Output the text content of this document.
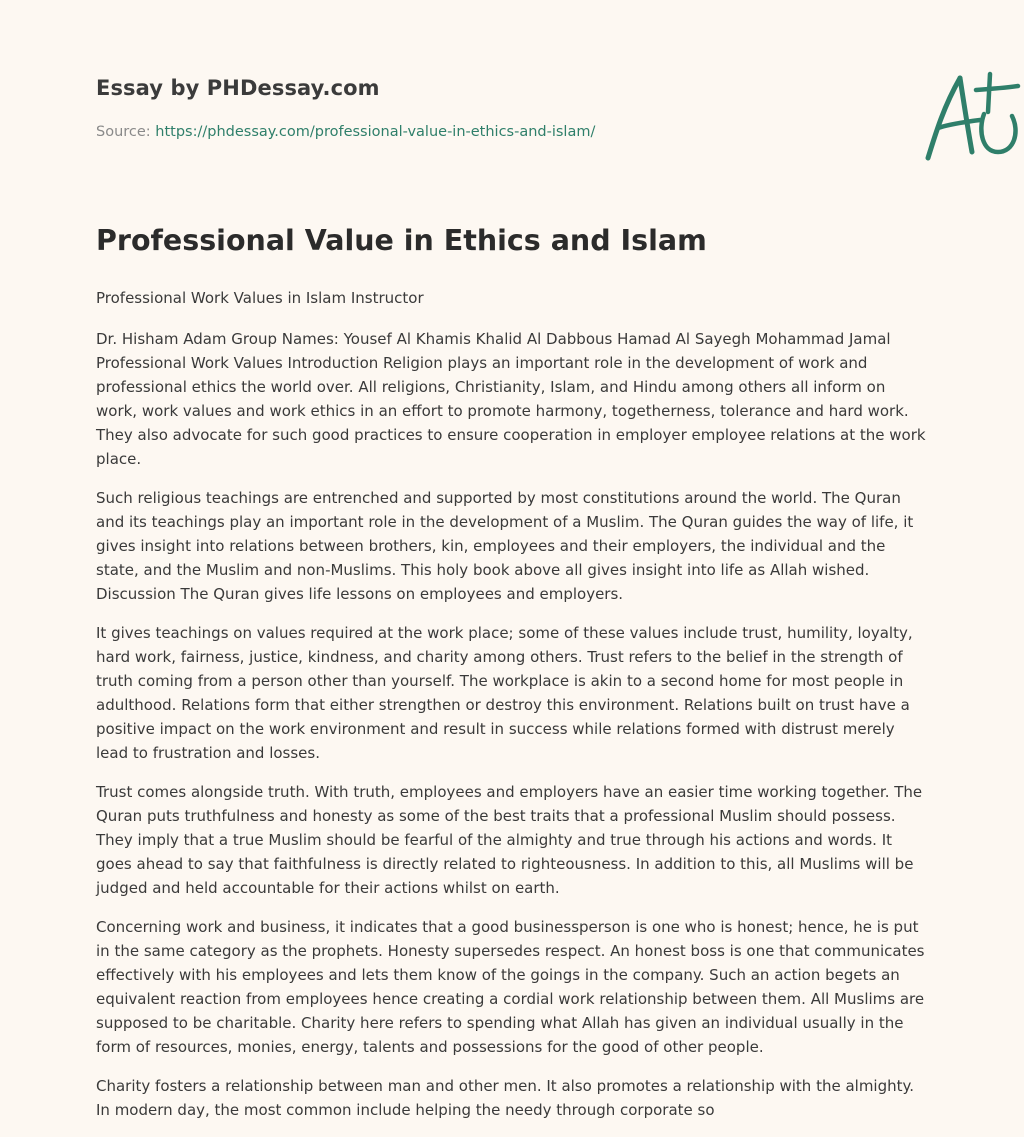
Essay by PHDessay.com
Source: https://phdessay.com/professional-value-in-ethics-and-islam/
Professional Value in Ethics and Islam

Professional Work Values in Islam Instructor

Dr. Hisham Adam Group Names: Yousef Al Khamis Khalid Al Dabbous Hamad Al Sayegh Mohammad Jamal Professional Work Values Introduction Religion plays an important role in the development of work and professional ethics the world over. All religions, Christianity, Islam, and Hindu among others all inform on work, work values and work ethics in an effort to promote harmony, togetherness, tolerance and hard work. They also advocate for such good practices to ensure cooperation in employer employee relations at the work place.

Such religious teachings are entrenched and supported by most constitutions around the world. The Quran and its teachings play an important role in the development of a Muslim. The Quran guides the way of life, it gives insight into relations between brothers, kin, employees and their employers, the individual and the state, and the Muslim and non-Muslims. This holy book above all gives insight into life as Allah wished. Discussion The Quran gives life lessons on employees and employers.

It gives teachings on values required at the work place; some of these values include trust, humility, loyalty, hard work, fairness, justice, kindness, and charity among others. Trust refers to the belief in the strength of truth coming from a person other than yourself. The workplace is akin to a second home for most people in adulthood. Relations form that either strengthen or destroy this environment. Relations built on trust have a positive impact on the work environment and result in success while relations formed with distrust merely lead to frustration and losses.

Trust comes alongside truth. With truth, employees and employers have an easier time working together. The Quran puts truthfulness and honesty as some of the best traits that a professional Muslim should possess. They imply that a true Muslim should be fearful of the almighty and true through his actions and words. It goes ahead to say that faithfulness is directly related to righteousness. In addition to this, all Muslims will be judged and held accountable for their actions whilst on earth.

Concerning work and business, it indicates that a good businessperson is one who is honest; hence, he is put in the same category as the prophets. Honesty supersedes respect. An honest boss is one that communicates effectively with his employees and lets them know of the goings in the company. Such an action begets an equivalent reaction from employees hence creating a cordial work relationship between them. All Muslims are supposed to be charitable. Charity here refers to spending what Allah has given an individual usually in the form of resources, monies, energy, talents and possessions for the good of other people.

Charity fosters a relationship between man and other men. It also promotes a relationship with the almighty. In modern day, the most common include helping the needy through corporate so
